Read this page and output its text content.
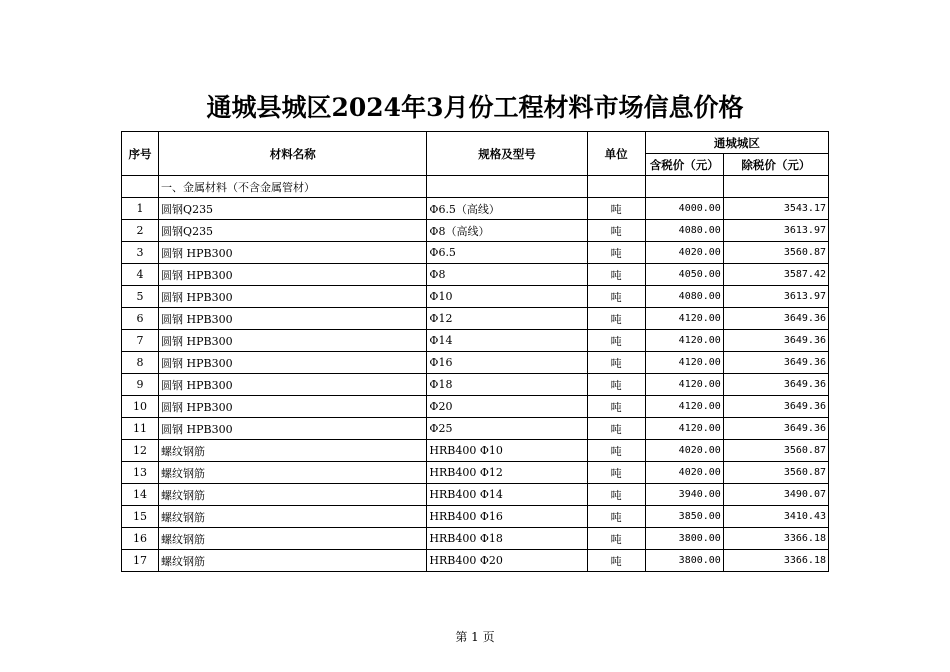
通城县城区2024年3月份工程材料市场信息价格
序号	材料名称	规格及型号	单位	通城城区	
				含税价（元）	除税价（元）
	一、金属材料（不含金属管材）				
1	圆钢Q235	Φ6.5（高线）	吨	4000.00	3543.17
2	圆钢Q235	Φ8（高线）	吨	4080.00	3613.97
3	圆钢 HPB300	Φ6.5	吨	4020.00	3560.87
4	圆钢 HPB300	Φ8	吨	4050.00	3587.42
5	圆钢 HPB300	Φ10	吨	4080.00	3613.97
6	圆钢 HPB300	Φ12	吨	4120.00	3649.36
7	圆钢 HPB300	Φ14	吨	4120.00	3649.36
8	圆钢 HPB300	Φ16	吨	4120.00	3649.36
9	圆钢 HPB300	Φ18	吨	4120.00	3649.36
10	圆钢 HPB300	Φ20	吨	4120.00	3649.36
11	圆钢 HPB300	Φ25	吨	4120.00	3649.36
12	螺纹钢筋	HRB400 Φ10	吨	4020.00	3560.87
13	螺纹钢筋	HRB400 Φ12	吨	4020.00	3560.87
14	螺纹钢筋	HRB400 Φ14	吨	3940.00	3490.07
15	螺纹钢筋	HRB400 Φ16	吨	3850.00	3410.43
16	螺纹钢筋	HRB400 Φ18	吨	3800.00	3366.18
17	螺纹钢筋	HRB400 Φ20	吨	3800.00	3366.18
第 1 页
